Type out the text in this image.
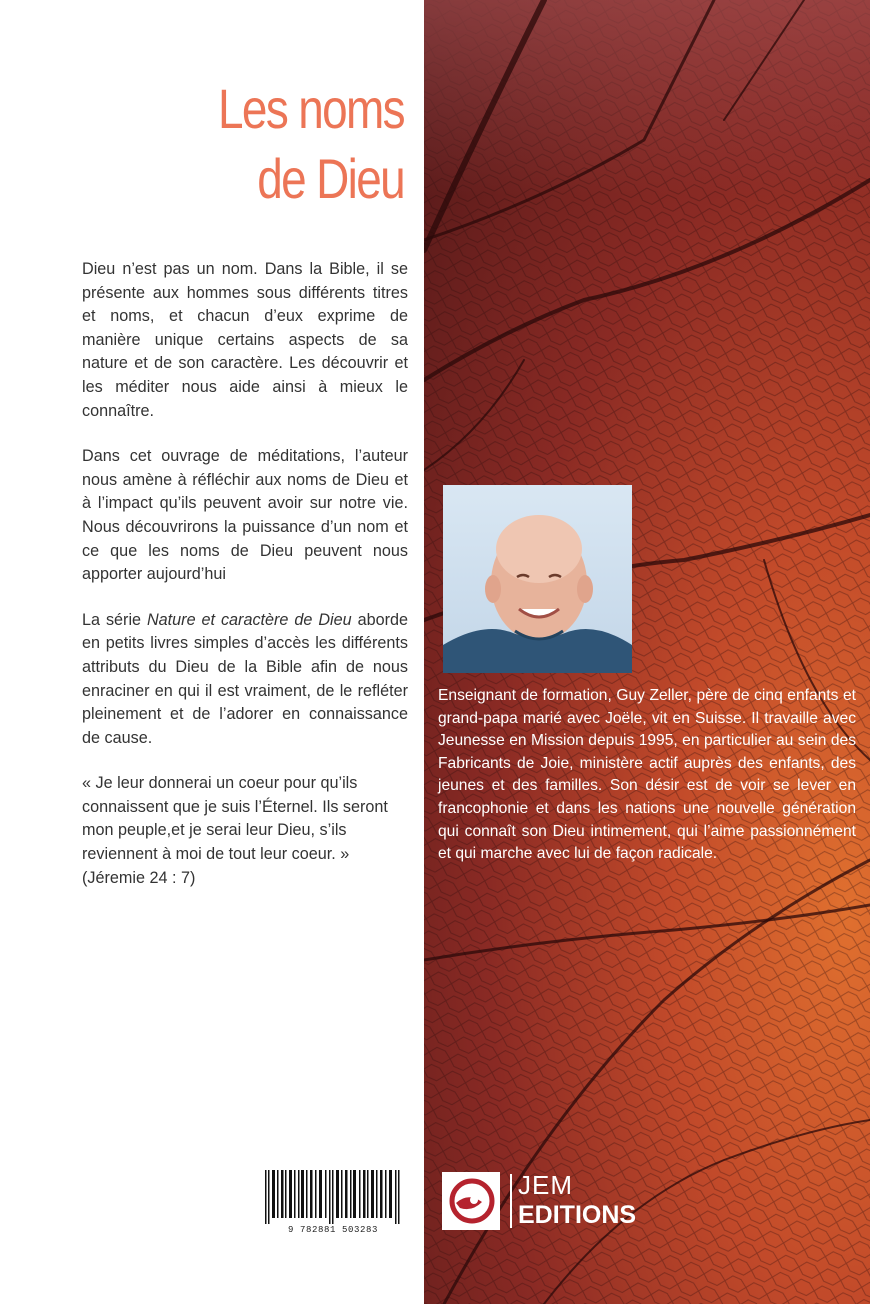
Les noms
de Dieu

Dieu n’est pas un nom. Dans la Bible, il se présente aux hommes sous différents titres et noms, et chacun d’eux exprime de manière unique certains aspects de sa nature et de son caractère. Les découvrir et les méditer nous aide ainsi à mieux le connaître.

Dans cet ouvrage de méditations, l’auteur nous amène à réfléchir aux noms de Dieu et à l’impact qu’ils peuvent avoir sur notre vie. Nous découvrirons la puissance d’un nom et ce que les noms de Dieu peuvent nous apporter aujourd’hui

La série Nature et caractère de Dieu aborde en petits livres simples d’accès les différents attributs du Dieu de la Bible afin de nous enraciner en qui il est vraiment, de le refléter pleinement et de l’adorer en connaissance de cause.

« Je leur donnerai un coeur pour qu’ils connaissent que je suis l’Éternel. Ils seront mon peuple,et je serai leur Dieu, s’ils reviennent à moi de tout leur coeur. »
(Jéremie 24 : 7)

9 782881 503283

Enseignant de formation, Guy Zeller, père de cinq enfants et grand-papa marié avec Joële, vit en Suisse. Il travaille avec Jeunesse en Mission depuis 1995, en particulier au sein des Fabricants de Joie, ministère actif auprès des enfants, des jeunes et des familles. Son désir est de voir se lever en francophonie et dans les nations une nouvelle génération qui connaît son Dieu intimement, qui l’aime passionnément et qui marche avec lui de façon radicale.

JEM
EDITIONS
